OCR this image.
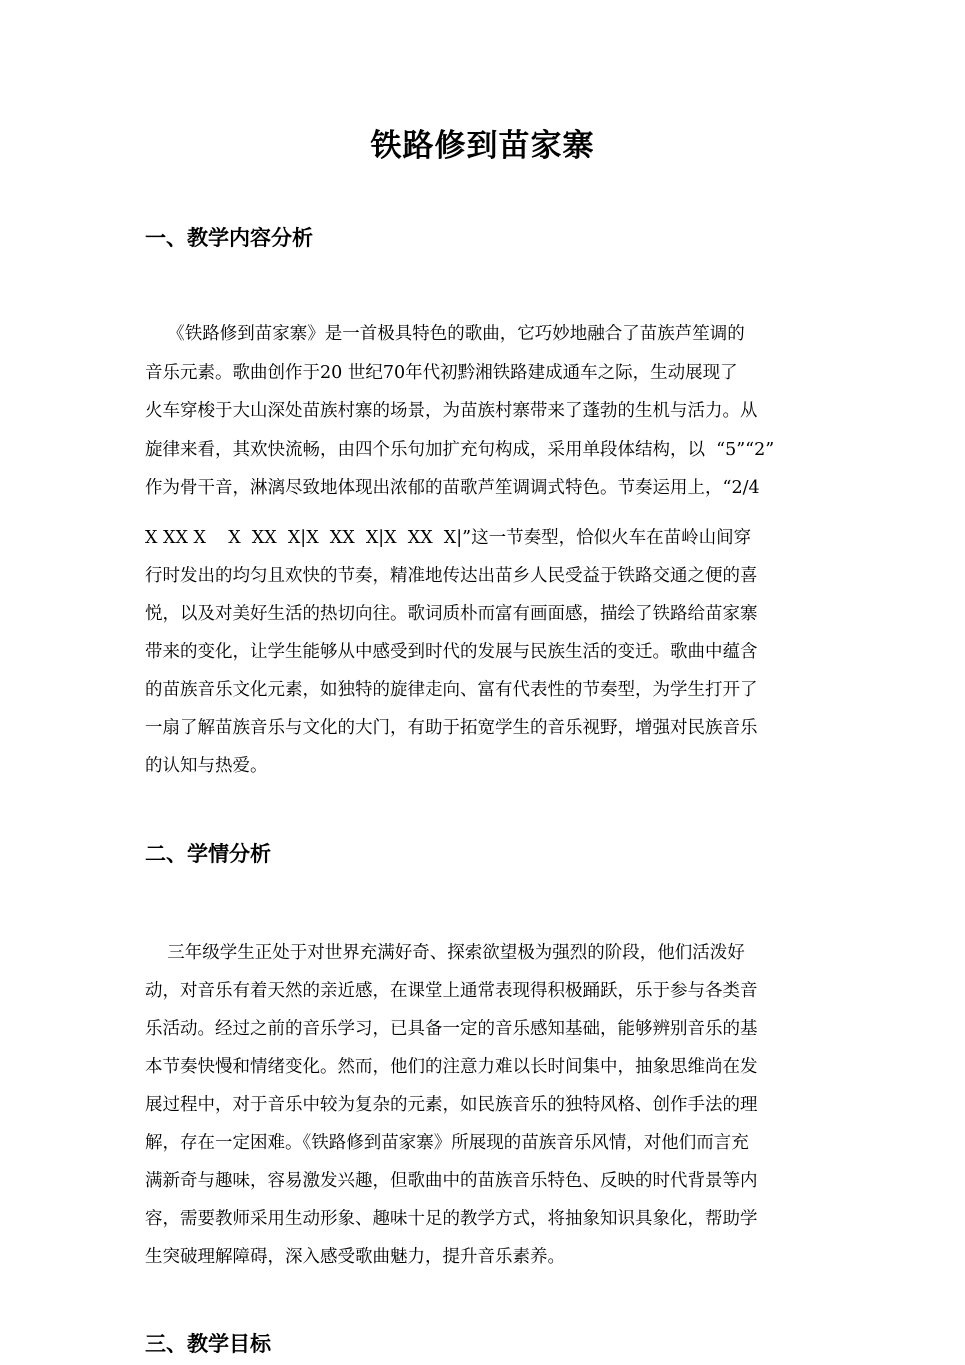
铁路修到苗家寨
一、教学内容分析
《铁路修到苗家寨》是一首极具特色的歌曲，它巧妙地融合了苗族芦笙调的
音乐元素。歌曲创作于20 世纪70年代初黔湘铁路建成通车之际，生动展现了
火车穿梭于大山深处苗族村寨的场景，为苗族村寨带来了蓬勃的生机与活力。从
旋律来看，其欢快流畅，由四个乐句加扩充句构成，采用单段体结构，以  “5”“2”
作为骨干音，淋漓尽致地体现出浓郁的苗歌芦笙调调式特色。节奏运用上，“2/4
X XX X    X  XX  X|X  XX  X|X  XX  X|”这一节奏型，恰似火车在苗岭山间穿
行时发出的均匀且欢快的节奏，精准地传达出苗乡人民受益于铁路交通之便的喜
悦，以及对美好生活的热切向往。歌词质朴而富有画面感，描绘了铁路给苗家寨
带来的变化，让学生能够从中感受到时代的发展与民族生活的变迁。歌曲中蕴含
的苗族音乐文化元素，如独特的旋律走向、富有代表性的节奏型，为学生打开了
一扇了解苗族音乐与文化的大门，有助于拓宽学生的音乐视野，增强对民族音乐
的认知与热爱。
二、学情分析
三年级学生正处于对世界充满好奇、探索欲望极为强烈的阶段，他们活泼好
动，对音乐有着天然的亲近感，在课堂上通常表现得积极踊跃，乐于参与各类音
乐活动。经过之前的音乐学习，已具备一定的音乐感知基础，能够辨别音乐的基
本节奏快慢和情绪变化。然而，他们的注意力难以长时间集中，抽象思维尚在发
展过程中，对于音乐中较为复杂的元素，如民族音乐的独特风格、创作手法的理
解，存在一定困难。《铁路修到苗家寨》所展现的苗族音乐风情，对他们而言充
满新奇与趣味，容易激发兴趣，但歌曲中的苗族音乐特色、反映的时代背景等内
容，需要教师采用生动形象、趣味十足的教学方式，将抽象知识具象化，帮助学
生突破理解障碍，深入感受歌曲魅力，提升音乐素养。
三、教学目标
